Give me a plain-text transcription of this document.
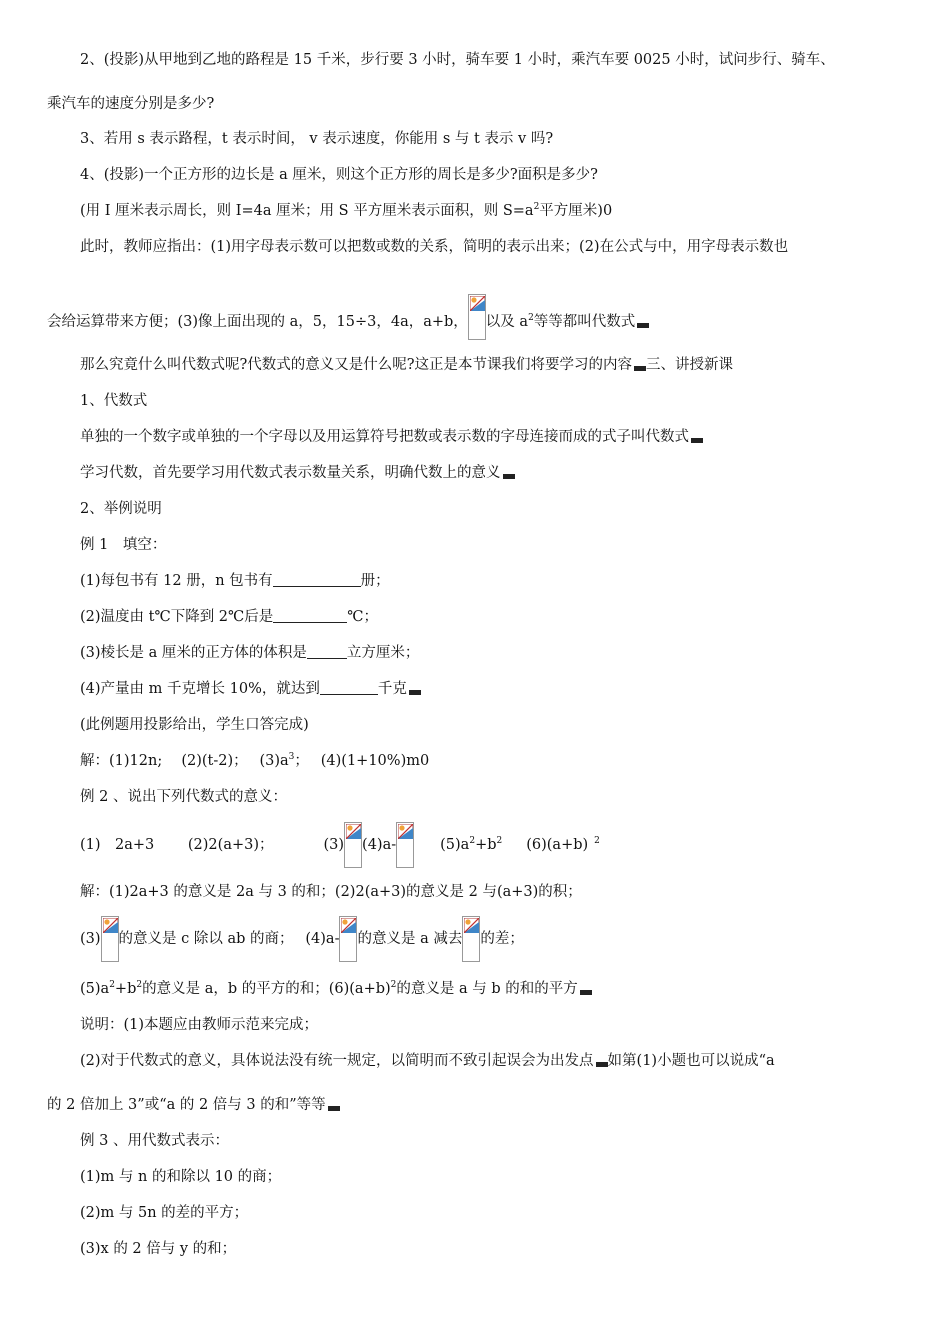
2、(投影)从甲地到乙地的路程是 15 千米，步行要 3 小时，骑车要 1 小时，乘汽车要 0025 小时，试问步行、骑车、
乘汽车的速度分别是多少?
3、若用 s 表示路程，t 表示时间， v 表示速度，你能用 s 与 t 表示 v 吗?
4、(投影)一个正方形的边长是 a 厘米，则这个正方形的周长是多少?面积是多少?
(用 I 厘米表示周长，则 I=4a 厘米；用 S 平方厘米表示面积，则 $S=a^2$平方厘米)0
此时，教师应指出：(1)用字母表示数可以把数或数的关系，简明的表示出来；(2)在公式与中，用字母表示数也
会给运算带来方便；(3)像上面出现的 a，5，15÷3，4a，a+b， 以及 $a^2$等等都叫代数式
那么究竟什么叫代数式呢?代数式的意义又是什么呢?这正是本节课我们将要学习的内容 三、讲授新课
1、代数式
单独的一个数字或单独的一个字母以及用运算符号把数或表示数的字母连接而成的式子叫代数式
学习代数，首先要学习用代数式表示数量关系，明确代数上的意义
2、举例说明
例 1　填空：
(1)每包书有 12 册，n 包书有	册；
(2)温度由 t℃下降到 2℃后是	℃；
(3)棱长是 a 厘米的正方体的体积是	立方厘米；
(4)产量由 m 千克增长 10%，就达到	千克
(此例题用投影给出，学生口答完成)
解：(1)12n;　 (2)(t-2)；　 $(3)a^3$；　 (4)(1+10%)m0
例 2 、说出下列代数式的意义：
(1)　2a+3　　 (2)2(a+3)；	(3) (4)a-	$(5)a^2+b^2$ (6)(a+b) $^2$
解：(1)2a+3 的意义是 2a 与 3 的和；(2)2(a+3)的意义是 2 与(a+3)的积；
(3) 的意义是 c 除以 ab 的商；　 (4)a- 的意义是 a 减去 的差；
$(5)a^2+b^2$的意义是 a，b 的平方的和；$(6)(a+b)^2$的意义是 a 与 b 的和的平方
说明：(1)本题应由教师示范来完成；
(2)对于代数式的意义，具体说法没有统一规定，以简明而不致引起误会为出发点 如第(1)小题也可以说成“a
的 2 倍加上 3”或“a 的 2 倍与 3 的和”等等
例 3 、用代数式表示：
(1)m 与 n 的和除以 10 的商；
(2)m 与 5n 的差的平方；
(3)x 的 2 倍与 y 的和；
